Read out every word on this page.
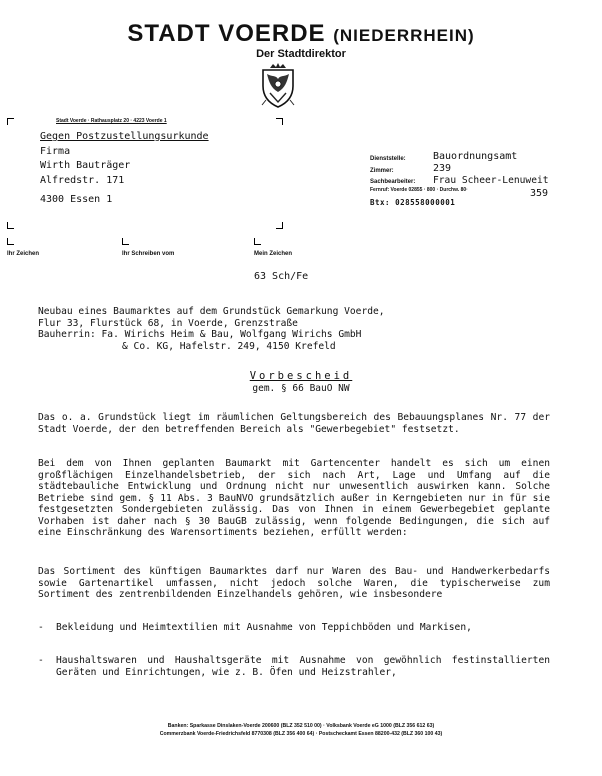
STADT VOERDE (NIEDERRHEIN)
Der Stadtdirektor
Stadt Voerde · Rathausplatz 20 · 4223 Voerde 1
Gegen Postzustellungsurkunde
Firma
Wirth Bauträger
Alfredstr. 171
4300 Essen 1
Dienststelle:	Bauordnungsamt
Zimmer:	239
Sachbearbeiter: Frau Scheer-Lenuweit
Fernruf: Voerde 02855 · 800 · Durchw. 80·	359
Btx: 028558000001
Ihr Zeichen	Ihr Schreiben vom	Mein Zeichen
63 Sch/Fe
Neubau eines Baumarktes auf dem Grundstück Gemarkung Voerde,
Flur 33, Flurstück 68, in Voerde, Grenzstraße
Bauherrin: Fa. Wirichs Heim & Bau, Wolfgang Wirichs GmbH
& Co. KG, Hafelstr. 249, 4150 Krefeld
Vorbescheid
gem. § 66 BauO NW
Das o. a. Grundstück liegt im räumlichen Geltungsbereich des Bebauungsplanes Nr. 77 der Stadt Voerde, der den betreffenden Bereich als "Gewerbegebiet" festsetzt.
Bei dem von Ihnen geplanten Baumarkt mit Gartencenter handelt es sich um einen großflächigen Einzelhandelsbetrieb, der sich nach Art, Lage und Umfang auf die städtebauliche Entwicklung und Ordnung nicht nur unwesentlich auswirken kann. Solche Betriebe sind gem. § 11 Abs. 3 BauNVO grundsätzlich außer in Kerngebieten nur in für sie festgesetzten Sondergebieten zulässig. Das von Ihnen in einem Gewerbegebiet geplante Vorhaben ist daher nach § 30 BauGB zulässig, wenn folgende Bedingungen, die sich auf eine Einschränkung des Warensortiments beziehen, erfüllt werden:
Das Sortiment des künftigen Baumarktes darf nur Waren des Bau- und Handwerkerbedarfs sowie Gartenartikel umfassen, nicht jedoch solche Waren, die typischerweise zum Sortiment des zentrenbildenden Einzelhandels gehören, wie insbesondere
- Bekleidung und Heimtextilien mit Ausnahme von Teppichböden und Markisen,
- Haushaltswaren und Haushaltsgeräte mit Ausnahme von gewöhnlich festinstallierten Geräten und Einrichtungen, wie z. B. Öfen und Heizstrahler,
Banken: Sparkasse Dinslaken-Voerde 200600 (BLZ 352 510 00) · Volksbank Voerde eG 1000 (BLZ 356 612 63)
Commerzbank Voerde-Friedrichsfeld 8770308 (BLZ 356 400 64) · Postscheckamt Essen 88200-432 (BLZ 360 100 43)
